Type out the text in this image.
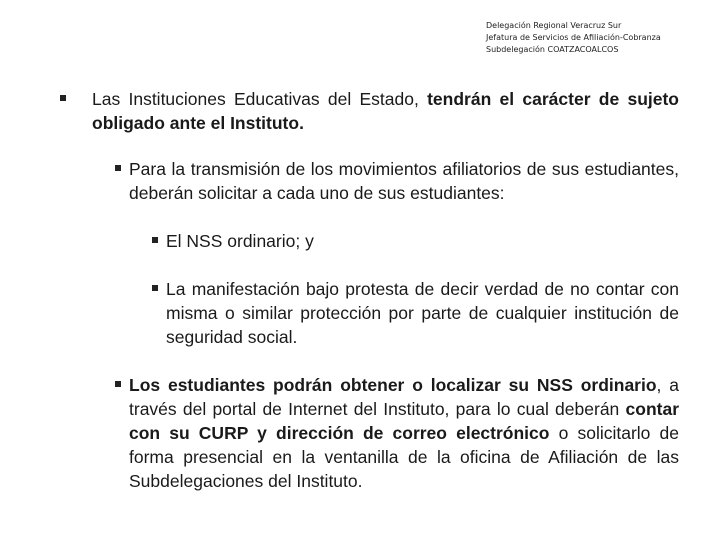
Delegación Regional Veracruz Sur
Jefatura de Servicios de Afiliación-Cobranza
Subdelegación COATZACOALCOS

Las Instituciones Educativas del Estado, tendrán el carácter de sujeto obligado ante el Instituto.

Para la transmisión de los movimientos afiliatorios de sus estudiantes, deberán solicitar a cada uno de sus estudiantes:

El NSS ordinario; y

La manifestación bajo protesta de decir verdad de no contar con misma o similar protección por parte de cualquier institución de seguridad social.

Los estudiantes podrán obtener o localizar su NSS ordinario, a través del portal de Internet del Instituto, para lo cual deberán contar con su CURP y dirección de correo electrónico o solicitarlo de forma presencial en la ventanilla de la oficina de Afiliación de las Subdelegaciones del Instituto.
